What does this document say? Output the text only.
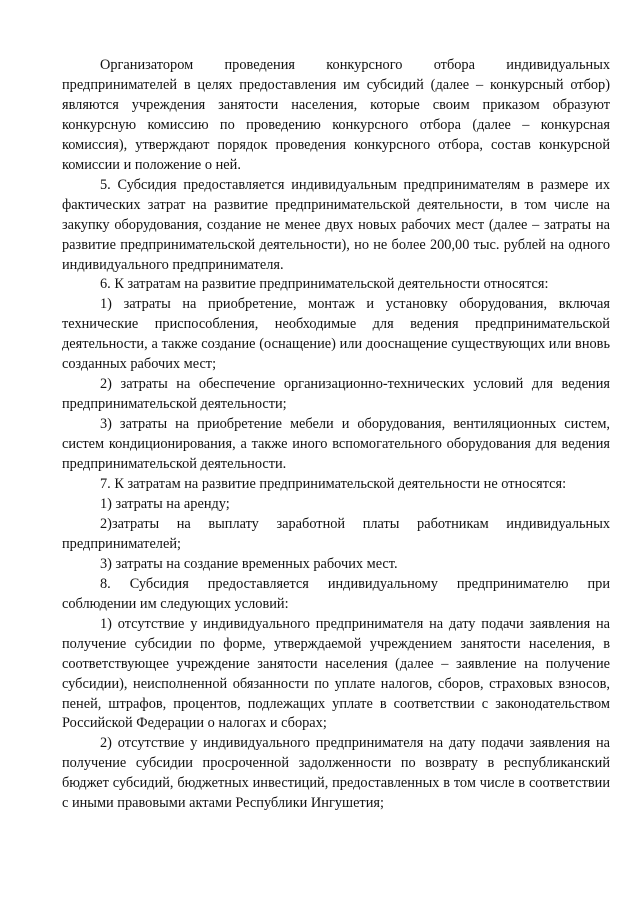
Организатором проведения конкурсного отбора индивидуальных предпринимателей в целях предоставления им субсидий (далее – конкурсный отбор) являются учреждения занятости населения, которые своим приказом образуют конкурсную комиссию по проведению конкурсного отбора (далее – конкурсная комиссия), утверждают порядок проведения конкурсного отбора, состав конкурсной комиссии и положение о ней.

5. Субсидия предоставляется индивидуальным предпринимателям в размере их фактических затрат на развитие предпринимательской деятельности, в том числе на закупку оборудования, создание не менее двух новых рабочих мест (далее – затраты на развитие предпринимательской деятельности), но не более 200,00 тыс. рублей на одного индивидуального предпринимателя.

6. К затратам на развитие предпринимательской деятельности относятся:

1) затраты на приобретение, монтаж и установку оборудования, включая технические приспособления, необходимые для ведения предпринимательской деятельности, а также создание (оснащение) или дооснащение существующих или вновь созданных рабочих мест;

2) затраты на обеспечение организационно-технических условий для ведения предпринимательской деятельности;

3) затраты на приобретение мебели и оборудования, вентиляционных систем, систем кондиционирования, а также иного вспомогательного оборудования для ведения предпринимательской деятельности.

7. К затратам на развитие предпринимательской деятельности не относятся:

1) затраты на аренду;

2)затраты на выплату заработной платы работникам индивидуальных предпринимателей;

3) затраты на создание временных рабочих мест.

8. Субсидия предоставляется индивидуальному предпринимателю при соблюдении им следующих условий:

1) отсутствие у индивидуального предпринимателя на дату подачи заявления на получение субсидии по форме, утверждаемой учреждением занятости населения, в соответствующее учреждение занятости населения (далее – заявление на получение субсидии), неисполненной обязанности по уплате налогов, сборов, страховых взносов, пеней, штрафов, процентов, подлежащих уплате в соответствии с законодательством Российской Федерации о налогах и сборах;

2) отсутствие у индивидуального предпринимателя на дату подачи заявления на получение субсидии просроченной задолженности по возврату в республиканский бюджет субсидий, бюджетных инвестиций, предоставленных в том числе в соответствии с иными правовыми актами Республики Ингушетия;
